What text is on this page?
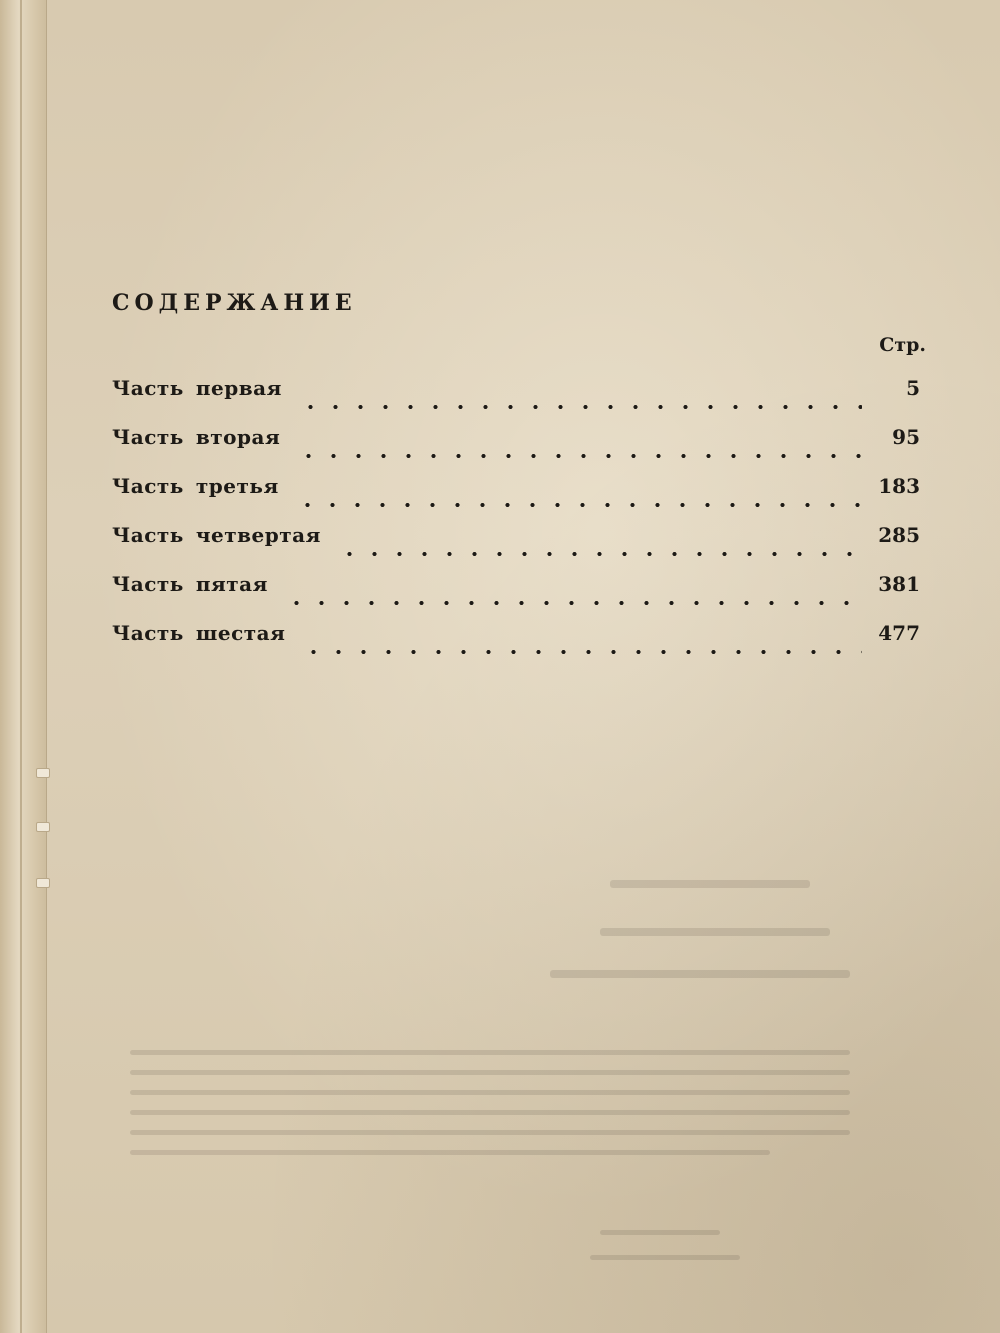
СОДЕРЖАНИЕ
Стр.
Часть первая	5
Часть вторая	95
Часть третья	183
Часть четвертая	285
Часть пятая	381
Часть шестая	477
